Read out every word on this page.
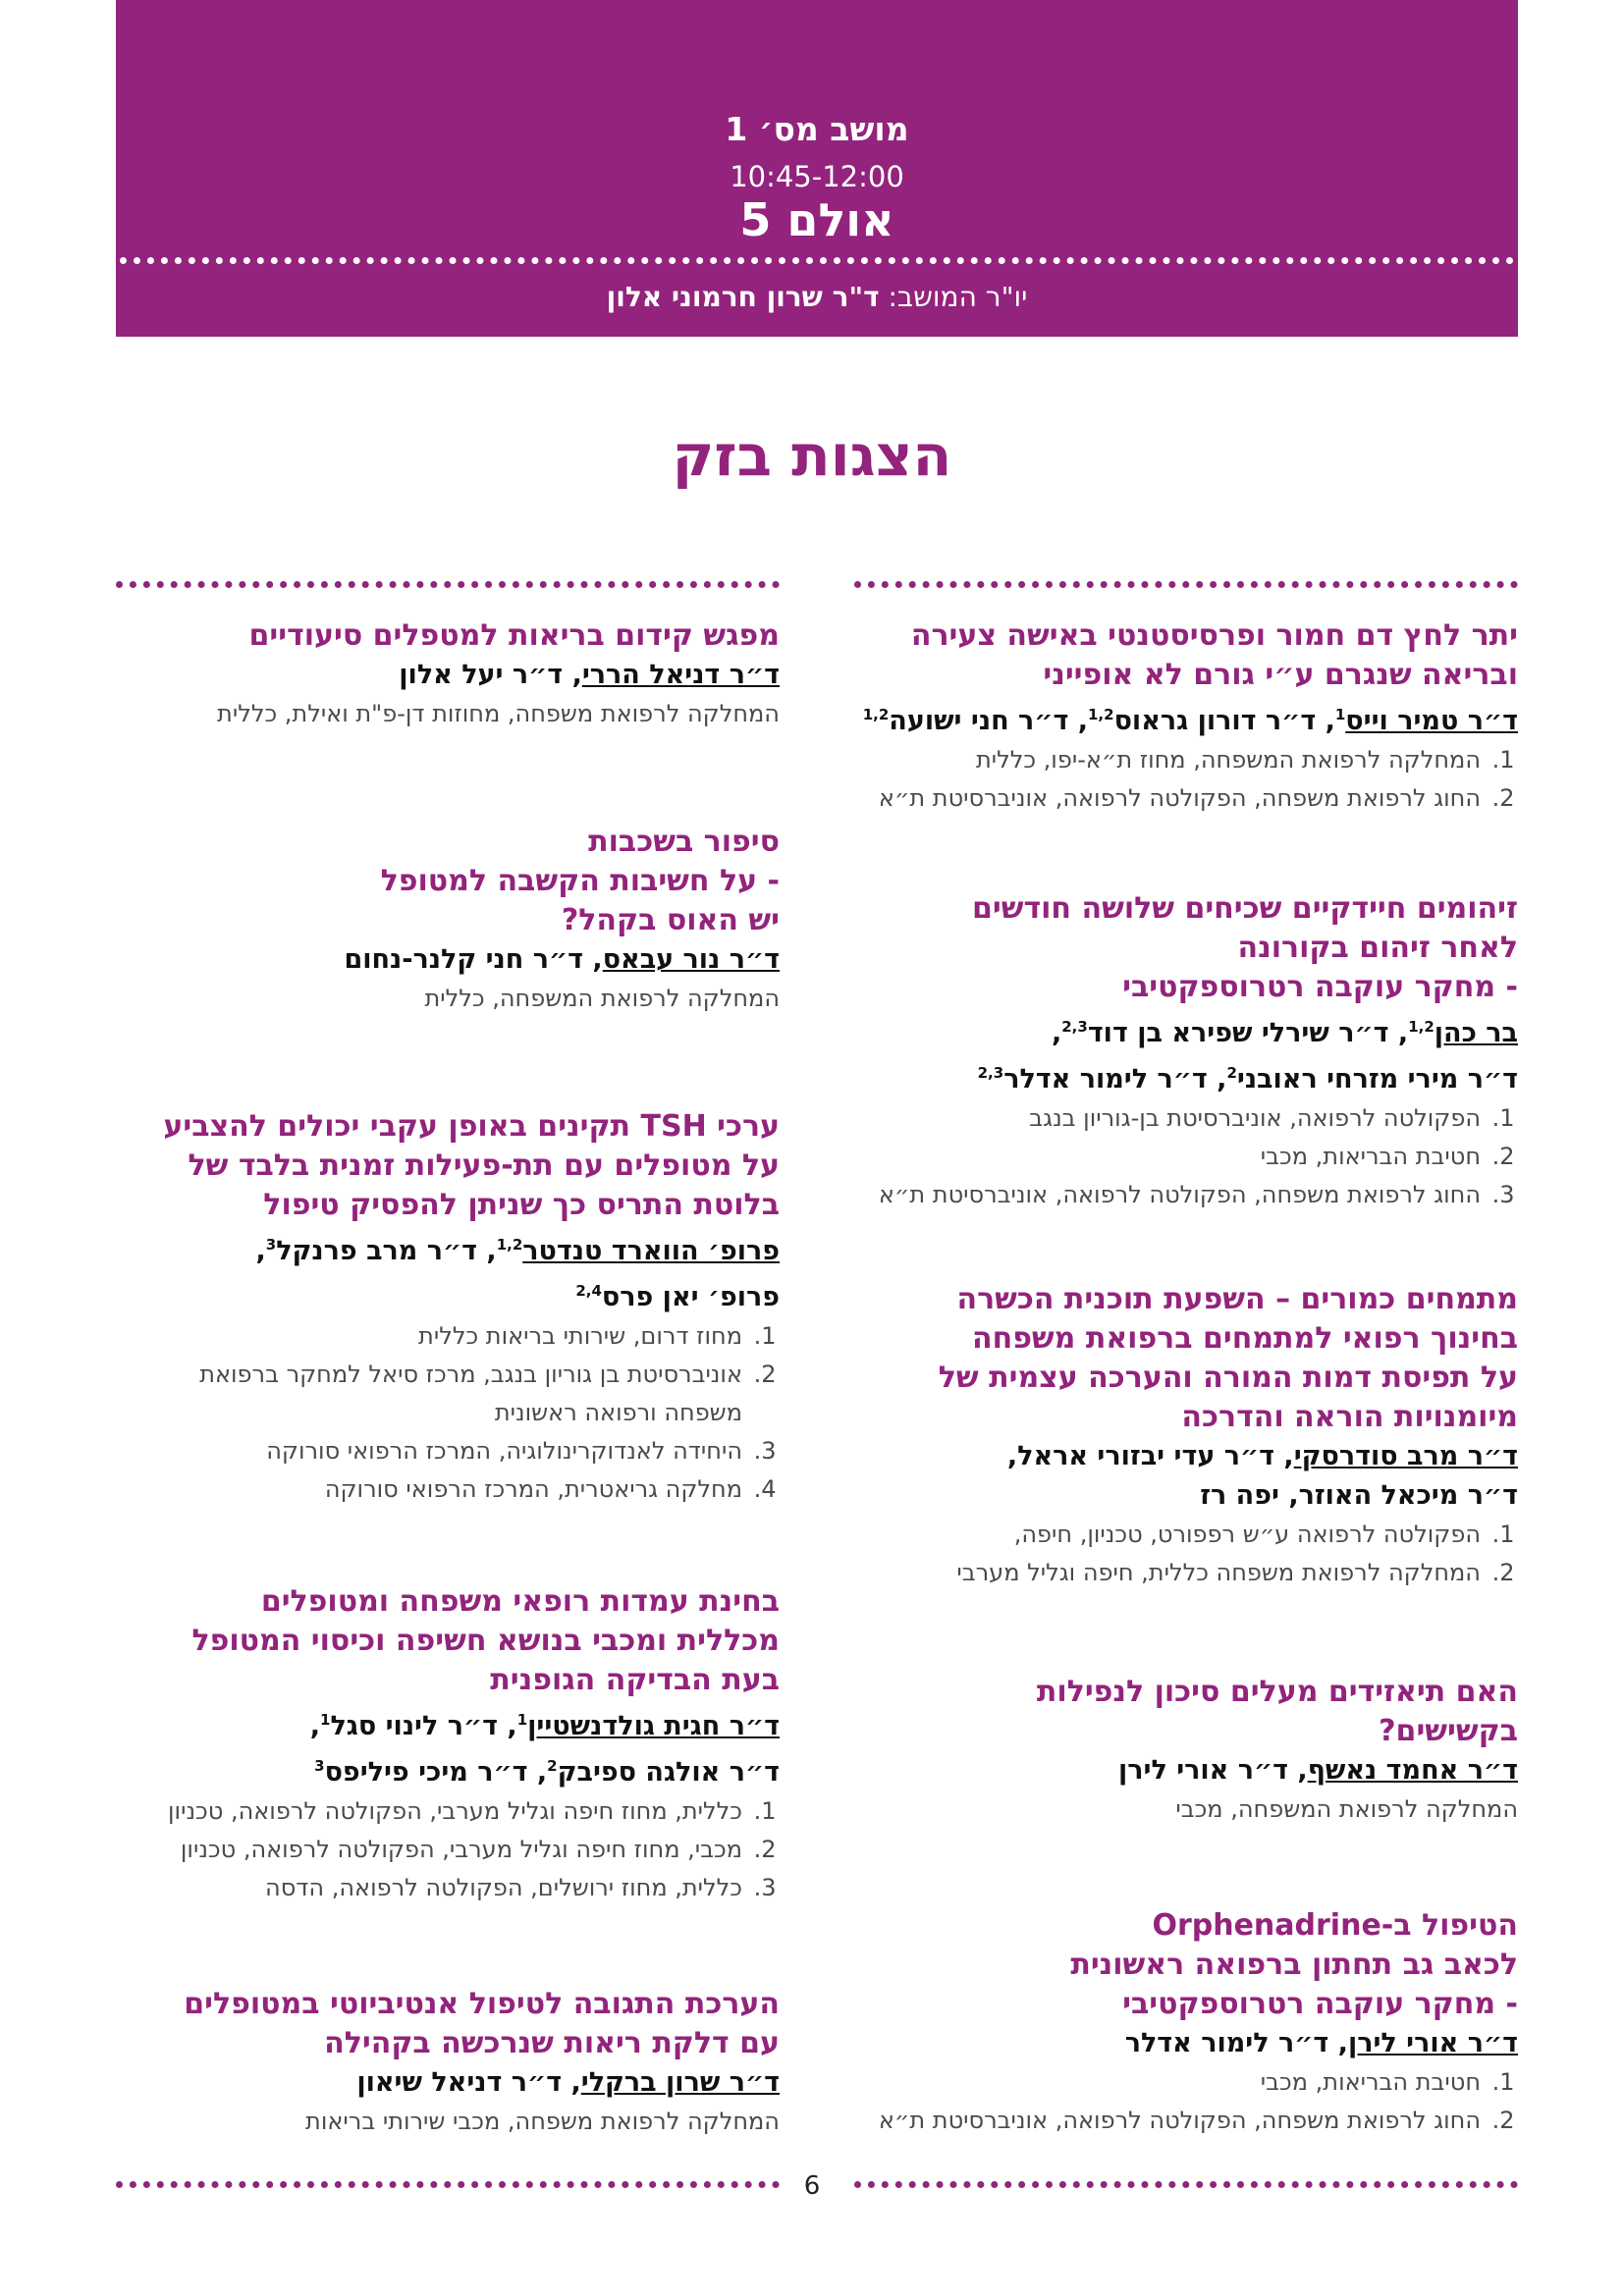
מושב מס׳ 1
10:45-12:00
אולם 5
יו"ר המושב: ד"ר שרון חרמוני אלון
הצגות בזק
יתר לחץ דם חמור ופרסיסטנטי באישה צעירה
ובריאה שנגרם ע״י גורם לא אופייני
ד״ר טמיר וייס$^1$, ד״ר דורון גראוס$^{1,2}$, ד״ר חני ישועה$^{1,2}$
1. המחלקה לרפואת המשפחה, מחוז ת״א-יפו, כללית
2. החוג לרפואת משפחה, הפקולטה לרפואה, אוניברסיטת ת״א
זיהומים חיידקיים שכיחים שלושה חודשים
לאחר זיהום בקורונה
- מחקר עוקבה רטרוספקטיבי
בר כהן$^{1,2}$, ד״ר שירלי שפירא בן דוד$^{2,3}$,
ד״ר מירי מזרחי ראובני$^2$, ד״ר לימור אדלר$^{2,3}$
1. הפקולטה לרפואה, אוניברסיטת בן-גוריון בנגב
2. חטיבת הבריאות, מכבי
3. החוג לרפואת משפחה, הפקולטה לרפואה, אוניברסיטת ת״א
מתמחים כמורים – השפעת תוכנית הכשרה
בחינוך רפואי למתמחים ברפואת משפחה
על תפיסת דמות המורה והערכה עצמית של
מיומנויות הוראה והדרכה
ד״ר מרב סודרסקי, ד״ר עדי יבזורי אראל,
ד״ר מיכאל האוזר, יפה רז
1. הפקולטה לרפואה ע״ש רפפורט, טכניון, חיפה,
2. המחלקה לרפואת משפחה כללית, חיפה וגליל מערבי
האם תיאזידים מעלים סיכון לנפילות
בקשישים?
ד״ר אחמד נאשף, ד״ר אורי לירן
המחלקה לרפואת המשפחה, מכבי
הטיפול ב-Orphenadrine
לכאב גב תחתון ברפואה ראשונית
- מחקר עוקבה רטרוספקטיבי
ד״ר אורי לירן, ד״ר לימור אדלר
1. חטיבת הבריאות, מכבי
2. החוג לרפואת משפחה, הפקולטה לרפואה, אוניברסיטת ת״א
מפגש קידום בריאות למטפלים סיעודיים
ד״ר דניאל הררי, ד״ר יעל אלון
המחלקה לרפואת משפחה, מחוזות דן-פ"ת ואילת, כללית
סיפור בשכבות
- על חשיבות הקשבה למטופל
יש האוס בקהל?
ד״ר נור עבאס, ד״ר חני קלנר-נחום
המחלקה לרפואת המשפחה, כללית
ערכי TSH תקינים באופן עקבי יכולים להצביע
על מטופלים עם תת-פעילות זמנית בלבד של
בלוטת התריס כך שניתן להפסיק טיפול
פרופ׳ הווארד טנדטר$^{1,2}$, ד״ר מרב פרנקל$^3$,
פרופ׳ יאן פרס$^{2,4}$
1. מחוז דרום, שירותי בריאות כללית
2. אוניברסיטת בן גוריון בנגב, מרכז סיאל למחקר ברפואת משפחה ורפואה ראשונית
3. היחידה לאנדוקרינולוגיה, המרכז הרפואי סורוקה
4. מחלקה גריאטרית, המרכז הרפואי סורוקה
בחינת עמדות רופאי משפחה ומטופלים
מכללית ומכבי בנושא חשיפה וכיסוי המטופל
בעת הבדיקה הגופנית
ד״ר חגית גולדנשטיין$^1$, ד״ר לינוי סגל$^1$,
ד״ר אולגה ספיבק$^2$, ד״ר מיכי פיליפס$^3$
1. כללית, מחוז חיפה וגליל מערבי, הפקולטה לרפואה, טכניון
2. מכבי, מחוז חיפה וגליל מערבי, הפקולטה לרפואה, טכניון
3. כללית, מחוז ירושלים, הפקולטה לרפואה, הדסה
הערכת התגובה לטיפול אנטיביוטי במטופלים
עם דלקת ריאות שנרכשה בקהילה
ד״ר שרון ברקלי, ד״ר דניאל שיאון
המחלקה לרפואת משפחה, מכבי שירותי בריאות
6
